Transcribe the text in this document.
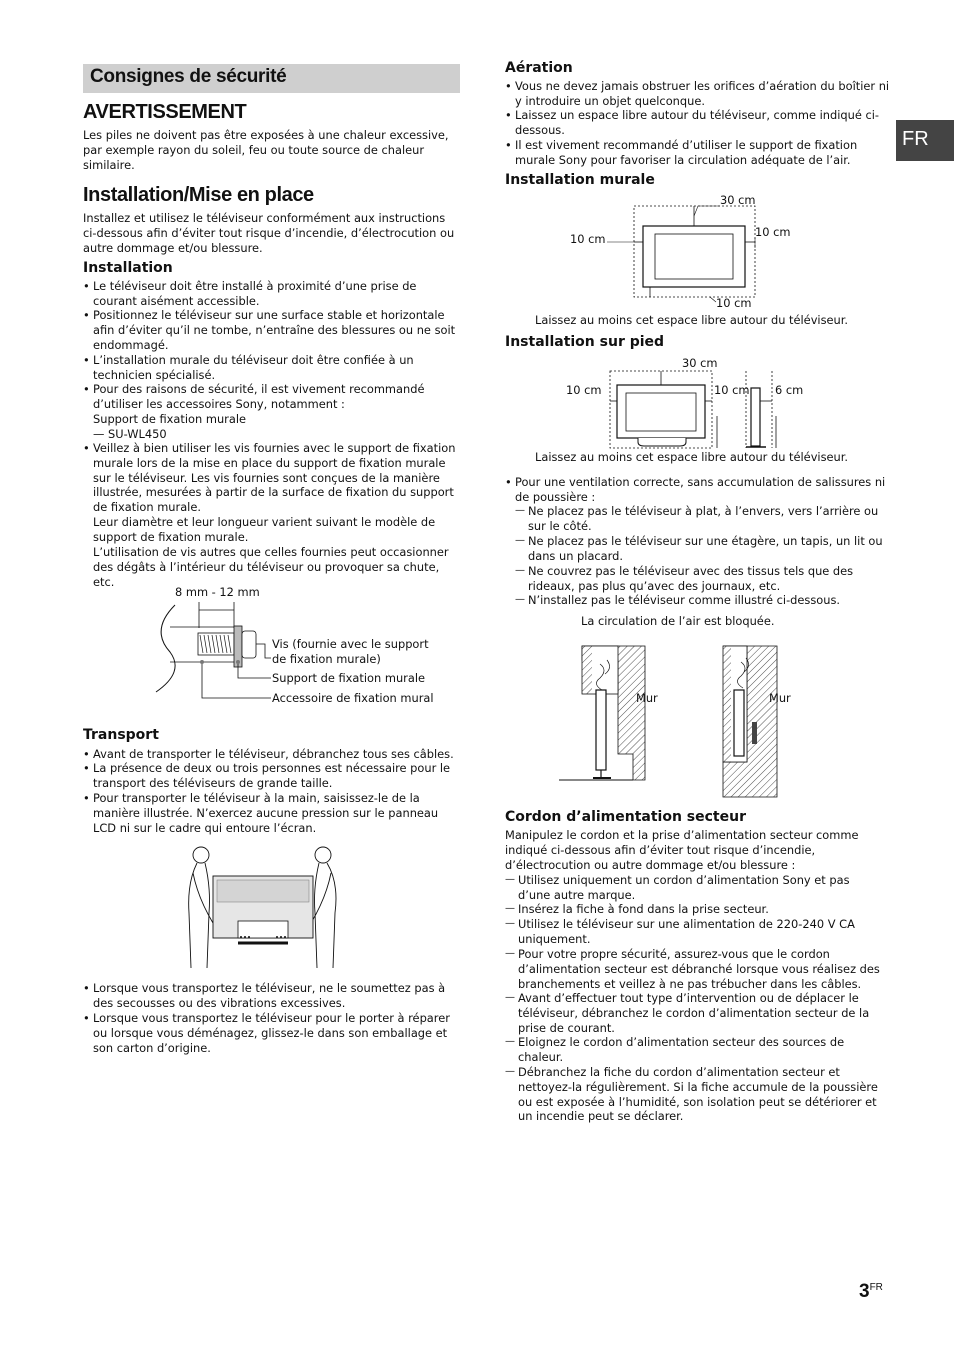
Consignes de sécurité
AVERTISSEMENT
Les piles ne doivent pas être exposées à une chaleur excessive, par exemple rayon du soleil, feu ou toute source de chaleur similaire.
Installation/Mise en place
Installez et utilisez le téléviseur conformément aux instructions ci-dessous afin d’éviter tout risque d’incendie, d’électrocution ou autre dommage et/ou blessure.
Installation
• Le téléviseur doit être installé à proximité d’une prise de courant aisément accessible.
• Positionnez le téléviseur sur une surface stable et horizontale afin d’éviter qu’il ne tombe, n’entraîne des blessures ou ne soit endommagé.
• L’installation murale du téléviseur doit être confiée à un technicien spécialisé.
• Pour des raisons de sécurité, il est vivement recommandé d’utiliser les accessoires Sony, notamment :
Support de fixation murale
— SU-WL450
• Veillez à bien utiliser les vis fournies avec le support de fixation murale lors de la mise en place du support de fixation murale sur le téléviseur. Les vis fournies sont conçues de la manière illustrée, mesurées à partir de la surface de fixation du support de fixation murale.
Leur diamètre et leur longueur varient suivant le modèle de support de fixation murale.
L’utilisation de vis autres que celles fournies peut occasionner des dégâts à l’intérieur du téléviseur ou provoquer sa chute, etc.
8 mm - 12 mm
Vis (fournie avec le support
de fixation murale)
Support de fixation murale
Accessoire de fixation mural
Transport
• Avant de transporter le téléviseur, débranchez tous ses câbles.
• La présence de deux ou trois personnes est nécessaire pour le transport des téléviseurs de grande taille.
• Pour transporter le téléviseur à la main, saisissez-le de la manière illustrée. N’exercez aucune pression sur le panneau LCD ni sur le cadre qui entoure l’écran.
• Lorsque vous transportez le téléviseur, ne le soumettez pas à des secousses ou des vibrations excessives.
• Lorsque vous transportez le téléviseur pour le porter à réparer ou lorsque vous déménagez, glissez-le dans son emballage et son carton d’origine.
Aération
• Vous ne devez jamais obstruer les orifices d’aération du boîtier ni y introduire un objet quelconque.
• Laissez un espace libre autour du téléviseur, comme indiqué ci-dessous.
• Il est vivement recommandé d’utiliser le support de fixation murale Sony pour favoriser la circulation adéquate de l’air.
Installation murale
30 cm
10 cm	10 cm
10 cm
Laissez au moins cet espace libre autour du téléviseur.
Installation sur pied
30 cm
10 cm	10 cm 6 cm
Laissez au moins cet espace libre autour du téléviseur.
• Pour une ventilation correcte, sans accumulation de salissures ni de poussière :
— Ne placez pas le téléviseur à plat, à l’envers, vers l’arrière ou sur le côté.
— Ne placez pas le téléviseur sur une étagère, un tapis, un lit ou dans un placard.
— Ne couvrez pas le téléviseur avec des tissus tels que des rideaux, pas plus qu’avec des journaux, etc.
— N’installez pas le téléviseur comme illustré ci-dessous.
La circulation de l’air est bloquée.
Mur	Mur
Cordon d’alimentation secteur
Manipulez le cordon et la prise d’alimentation secteur comme indiqué ci-dessous afin d’éviter tout risque d’incendie, d’électrocution ou autre dommage et/ou blessure :
— Utilisez uniquement un cordon d’alimentation Sony et pas d’une autre marque.
— Insérez la fiche à fond dans la prise secteur.
— Utilisez le téléviseur sur une alimentation de 220-240 V CA uniquement.
— Pour votre propre sécurité, assurez-vous que le cordon d’alimentation secteur est débranché lorsque vous réalisez des branchements et veillez à ne pas trébucher dans les câbles.
— Avant d’effectuer tout type d’intervention ou de déplacer le téléviseur, débranchez le cordon d’alimentation secteur de la prise de courant.
— Eloignez le cordon d’alimentation secteur des sources de chaleur.
— Débranchez la fiche du cordon d’alimentation secteur et nettoyez-la régulièrement. Si la fiche accumule de la poussière ou est exposée à l’humidité, son isolation peut se détériorer et un incendie peut se déclarer.
FR
$3^{FR}$
